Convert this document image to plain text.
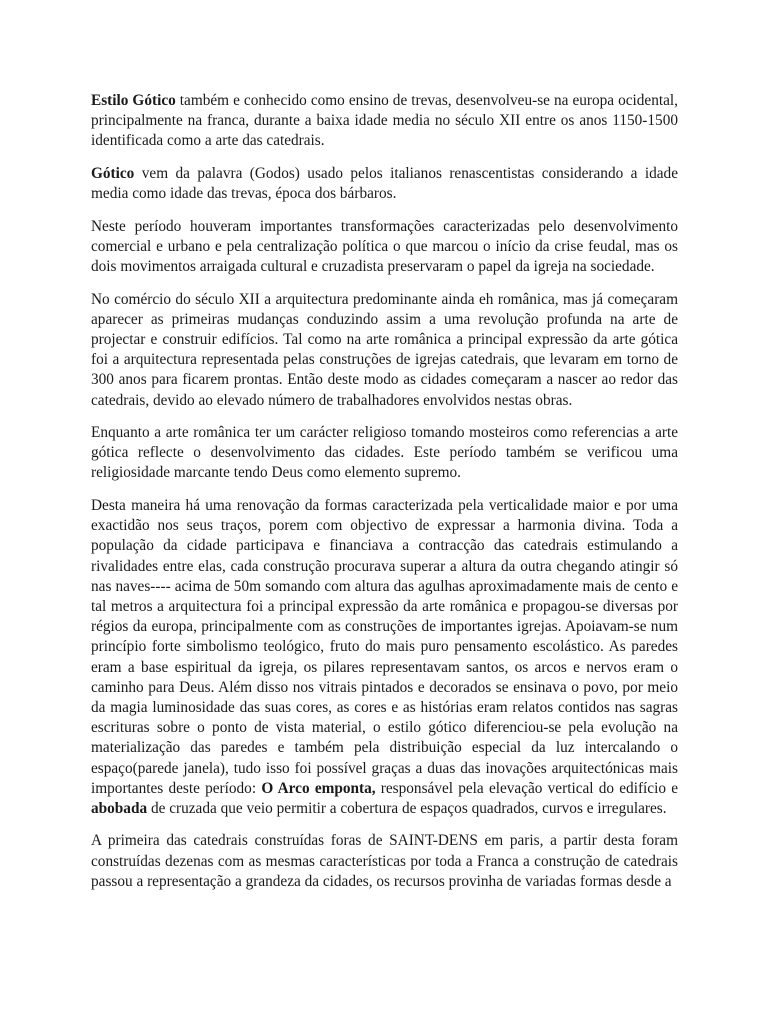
Estilo Gótico também e conhecido como ensino de trevas, desenvolveu-se na europa ocidental, principalmente na franca, durante a baixa idade media no século XII entre os anos 1150-1500 identificada como a arte das catedrais.

Gótico vem da palavra (Godos) usado pelos italianos renascentistas considerando a idade media como idade das trevas, época dos bárbaros.

Neste período houveram importantes transformações caracterizadas pelo desenvolvimento comercial e urbano e pela centralização política o que marcou o início da crise feudal, mas os dois movimentos arraigada cultural e cruzadista preservaram o papel da igreja na sociedade.

No comércio do século XII a arquitectura predominante ainda eh românica, mas já começaram aparecer as primeiras mudanças conduzindo assim a uma revolução profunda na arte de projectar e construir edifícios. Tal como na arte românica a principal expressão da arte gótica foi a arquitectura representada pelas construções de igrejas catedrais, que levaram em torno de 300 anos para ficarem prontas. Então deste modo as cidades começaram a nascer ao redor das catedrais, devido ao elevado número de trabalhadores envolvidos nestas obras.

Enquanto a arte românica ter um carácter religioso tomando mosteiros como referencias a arte gótica reflecte o desenvolvimento das cidades. Este período também se verificou uma religiosidade marcante tendo Deus como elemento supremo.

Desta maneira há uma renovação da formas caracterizada pela verticalidade maior e por uma exactidão nos seus traços, porem com objectivo de expressar a harmonia divina. Toda a população da cidade participava e financiava a contracção das catedrais estimulando a rivalidades entre elas, cada construção procurava superar a altura da outra chegando atingir só nas naves---- acima de 50m somando com altura das agulhas aproximadamente mais de cento e tal metros a arquitectura foi a principal expressão da arte românica e propagou-se diversas por régios da europa, principalmente com as construções de importantes igrejas. Apoiavam-se num princípio forte simbolismo teológico, fruto do mais puro pensamento escolástico. As paredes eram a base espiritual da igreja, os pilares representavam santos, os arcos e nervos eram o caminho para Deus. Além disso nos vitrais pintados e decorados se ensinava o povo, por meio da magia luminosidade das suas cores, as cores e as histórias eram relatos contidos nas sagras escrituras sobre o ponto de vista material, o estilo gótico diferenciou-se pela evolução na materialização das paredes e também pela distribuição especial da luz intercalando o espaço(parede janela), tudo isso foi possível graças a duas das inovações arquitectónicas mais importantes deste período: O Arco emponta, responsável pela elevação vertical do edifício e abobada de cruzada que veio permitir a cobertura de espaços quadrados, curvos e irregulares.

A primeira das catedrais construídas foras de SAINT-DENS em paris, a partir desta foram construídas dezenas com as mesmas características por toda a Franca a construção de catedrais passou a representação a grandeza da cidades, os recursos provinha de variadas formas desde a
